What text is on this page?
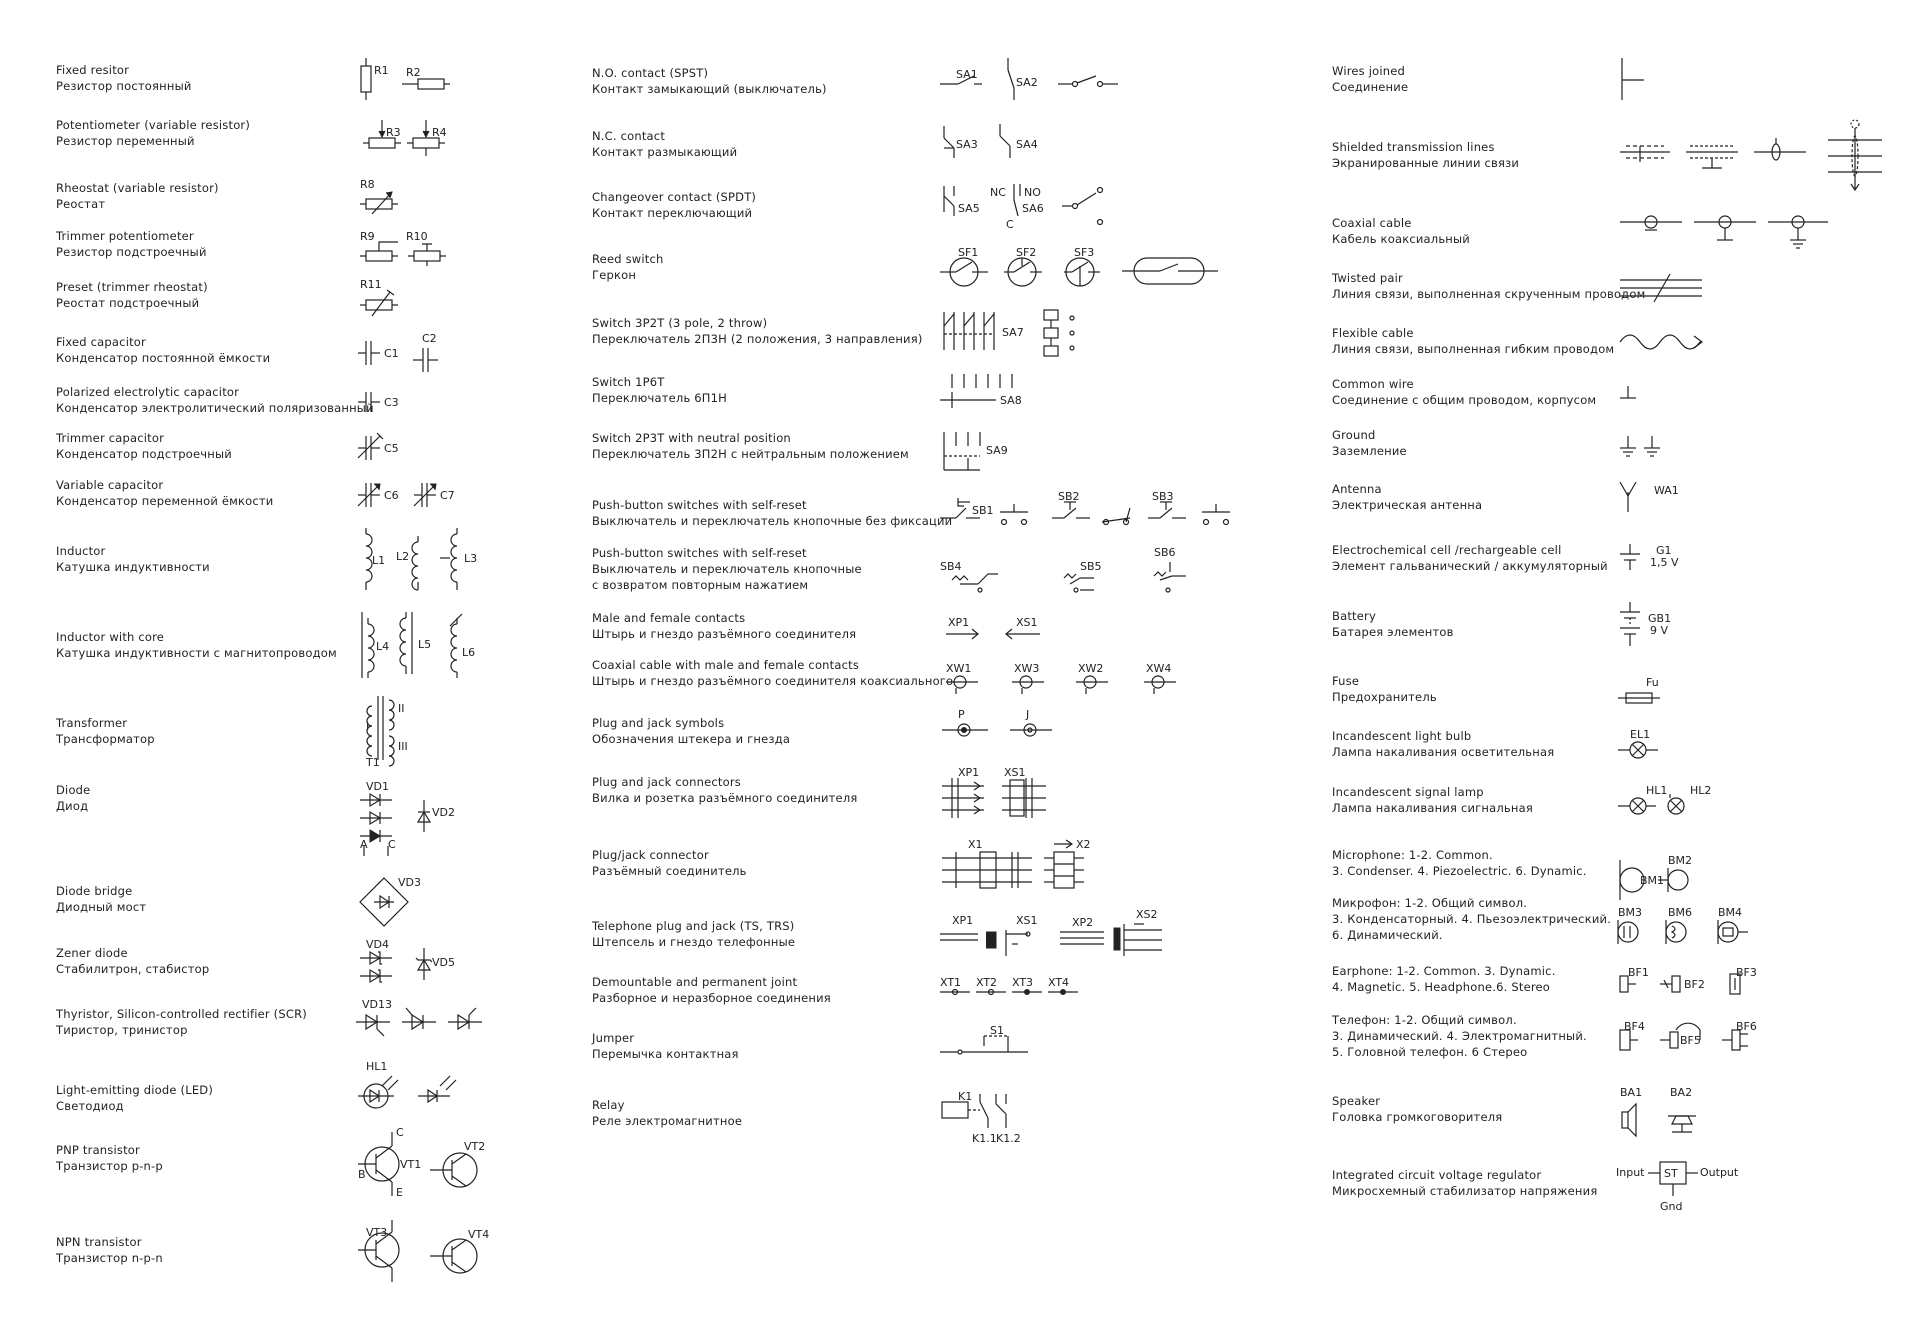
Fixed resitor
Резистор постоянный
Potentiometer (variable resistor)
Резистор переменный
Rheostat (variable resistor)
Реостат
Trimmer potentiometer
Резистор подстроечный
Preset (trimmer rheostat)
Реостат подстроечный
Fixed capacitor
Конденсатор постоянной ёмкости
Polarized electrolytic capacitor
Конденсатор электролитический поляризованный
Trimmer capacitor
Конденсатор подстроечный
Variable capacitor
Конденсатор переменной ёмкости
Inductor
Катушка индуктивности
Inductor with core
Катушка индуктивности с магнитопроводом
Transformer
Трансформатор
Diode
Диод
Diode bridge
Диодный мост
Zener diode
Стабилитрон, стабистор
Thyristor, Silicon-controlled rectifier (SCR)
Тиристор, тринистор
Light-emitting diode (LED)
Светодиод
PNP transistor
Транзистор p-n-p
NPN transistor
Транзистор n-p-n
N.O. contact (SPST)
Контакт замыкающий (выключатель)
N.C. contact
Контакт размыкающий
Changeover contact (SPDT)
Контакт переключающий
Reed switch
Геркон
Switch 3P2T (3 pole, 2 throw)
Переключатель 2П3Н (2 положения, 3 направления)
Switch 1P6T
Переключатель 6П1Н
Switch 2P3T with neutral position
Переключатель 3П2Н с нейтральным положением
Push-button switches with self-reset
Выключатель и переключатель кнопочные без фиксации
Push-button switches with self-reset
Выключатель и переключатель кнопочные
с возвратом повторным нажатием
Male and female contacts
Штырь и гнездо разъёмного соединителя
Coaxial cable with male and female contacts
Штырь и гнездо разъёмного соединителя коаксиального
Plug and jack symbols
Обозначения штекера и гнезда
Plug and jack connectors
Вилка и розетка разъёмного соединителя
Plug/jack connector
Разъёмный соединитель
Telephone plug and jack (TS, TRS)
Штепсель и гнездо телефонные
Demountable and permanent joint
Разборное и неразборное соединения
Jumper
Перемычка контактная
Relay
Реле электромагнитное
Wires joined
Соединение
Shielded transmission lines
Экранированные линии связи
Coaxial cable
Кабель коаксиальный
Twisted pair
Линия связи, выполненная скрученным проводом
Flexible cable
Линия связи, выполненная гибким проводом
Common wire
Соединение с общим проводом, корпусом
Ground
Заземление
Antenna
Электрическая антенна
Electrochemical cell /rechargeable cell
Элемент гальванический / аккумуляторный
Battery
Батарея элементов
Fuse
Предохранитель
Incandescent light bulb
Лампа накаливания осветительная
Incandescent signal lamp
Лампа накаливания сигнальная
Microphone: 1-2. Common.
3. Condenser. 4. Piezoelectric. 6. Dynamic.
Микрофон: 1-2. Общий символ.
3. Конденсаторный. 4. Пьезоэлектрический.
6. Динамический.
Earphone: 1-2. Common. 3. Dynamic.
4. Magnetic. 5. Headphone.6. Stereo
Телефон: 1-2. Общий символ.
3. Динамический. 4. Электромагнитный.
5. Головной телефон. 6 Стерео
Speaker
Головка громкоговорителя
Integrated circuit voltage regulator
Микросхемный стабилизатор напряжения
R1 R2
R3	R4
R8
R9	R10
R11
C1
C2
C3
C5
C6	C7
L1 L2	L3
L4	L5
L6
T1
I
II
III
VD1
VD2
A C
VD3
VD4
VD5
VD13
HL1
VT1
VT2
B
C
E
VT3	VT4
SA1
SA2
SA3	SA4
SA5	SA6
NC NO
C
SF1	SF2	SF3
SA7
SA8
SA9
SB1
SB2	SB3
SB4	SB5
SB6
XP1	XS1
XW1	XW3	XW2	XW4
P	J
XP1 XS1
X1	X2
XP1	XS1	XP2
XS2
XT1 XT2 XT3 XT4
S1
K1
K1.1 K1.2
WA1
G1
1,5 V
GB1
9 V
Fu
EL1
HL1 HL2
BM1
BM2
BM3 BM6 BM4
BF1
BF2
BF3
BF4
BF5
BF6
BA1	BA2
Input	Output
Gnd
ST
